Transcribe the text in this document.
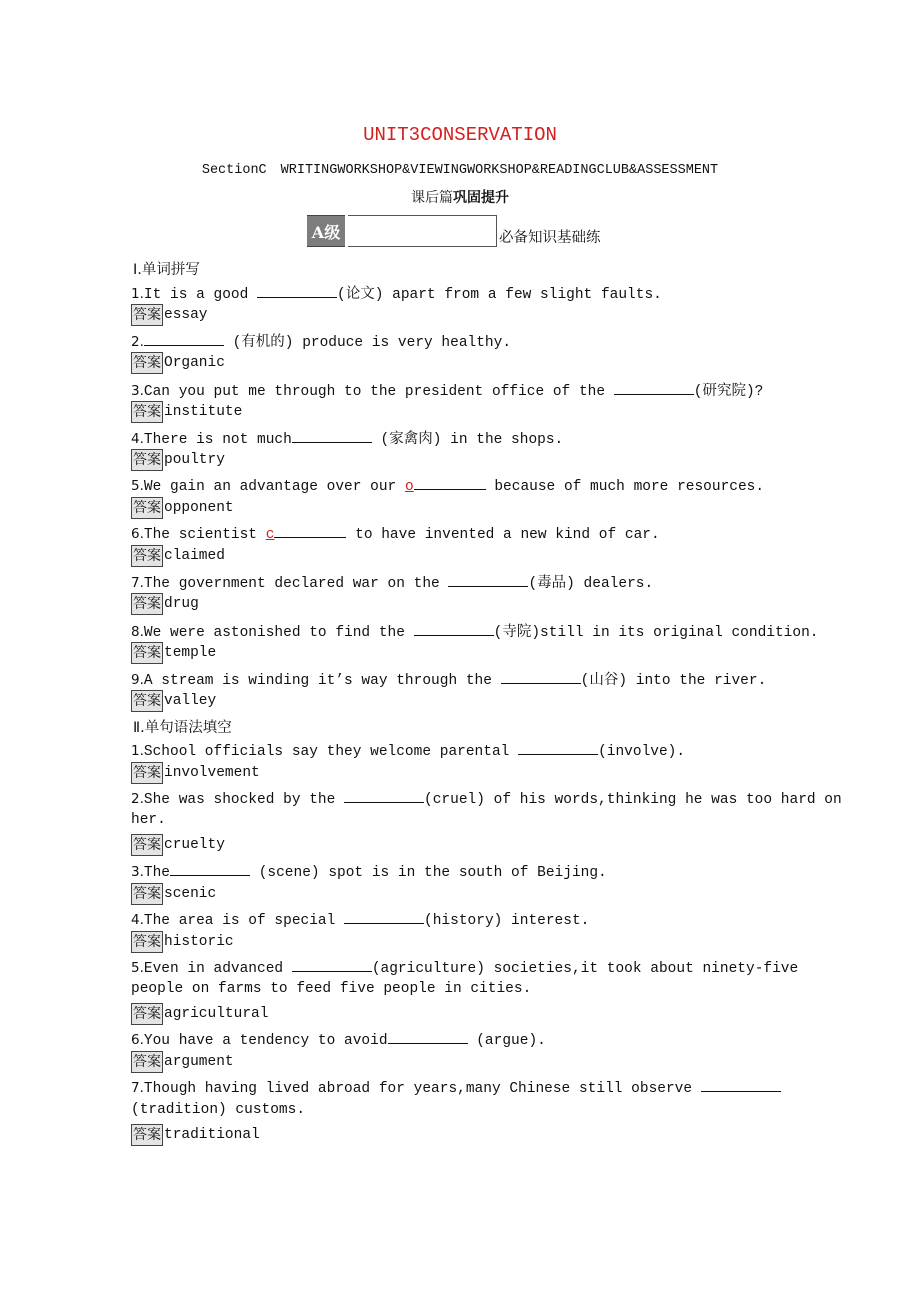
UNIT3CONSERVATION
SectionC WRITINGWORKSHOP&VIEWINGWORKSHOP&READINGCLUB&ASSESSMENT
课后篇巩固提升
A级	必备知识基础练
Ⅰ.单词拼写
1.It is a good	(论文) apart from a few slight faults.
答案 essay
2.	(有机的) produce is very healthy.
答案 Organic
3.Can you put me through to the president office of the	(研究院)?
答案 institute
4.There is not much	(家禽肉) in the shops.
答案 poultry
5.We gain an advantage over our o	because of much more resources.
答案 opponent
6.The scientist c	to have invented a new kind of car.
答案 claimed
7.The government declared war on the	(毒品) dealers.
答案 drug
8.We were astonished to find the	(寺院)still in its original condition.
答案 temple
9.A stream is winding it’s way through the	(山谷) into the river.
答案 valley
Ⅱ.单句语法填空
1.School officials say they welcome parental	(involve).
答案 involvement
2.She was shocked by the	(cruel) of his words,thinking he was too hard on
her.
答案 cruelty
3.The	(scene) spot is in the south of Beijing.
答案 scenic
4.The area is of special	(history) interest.
答案 historic
5.Even in advanced	(agriculture) societies,it took about ninety-five
people on farms to feed five people in cities.
答案 agricultural
6.You have a tendency to avoid	(argue).
答案 argument
7.Though having lived abroad for years,many Chinese still observe
(tradition) customs.
答案 traditional
